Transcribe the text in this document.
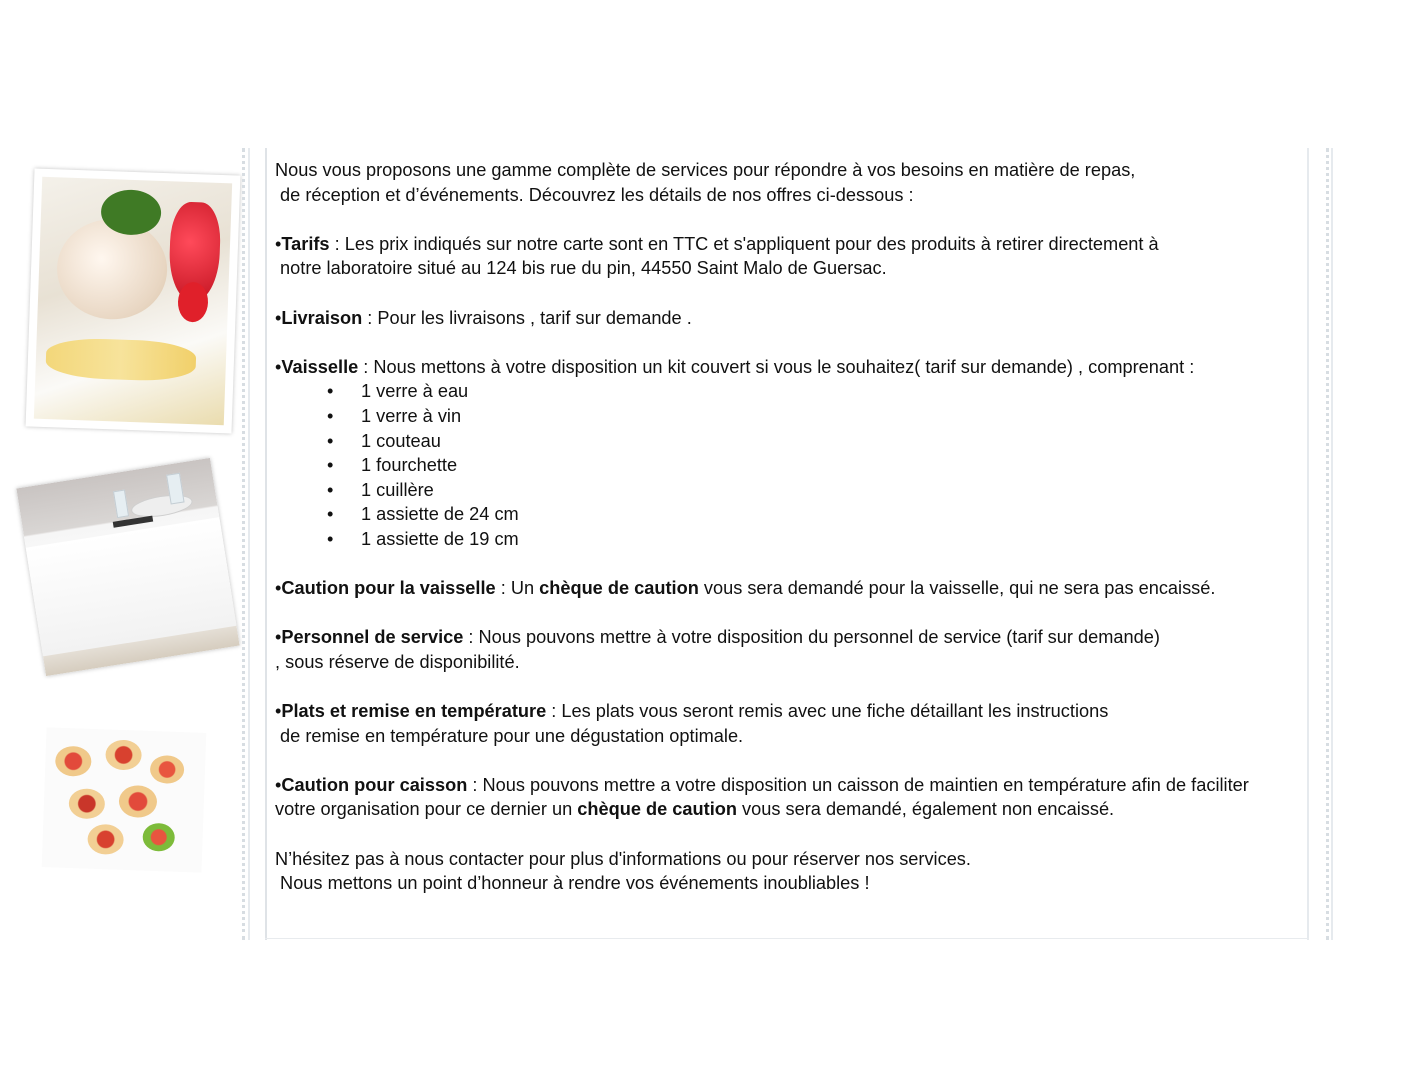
Nous vous proposons une gamme complète de services pour répondre à vos besoins en matière de repas,

de réception et d’événements. Découvrez les détails de nos offres ci-dessous :

•Tarifs : Les prix indiqués sur notre carte sont en TTC et s'appliquent pour des produits à retirer directement à

notre laboratoire situé au 124 bis rue du pin, 44550 Saint Malo de Guersac.

•Livraison : Pour les livraisons , tarif sur demande .

•Vaisselle : Nous mettons à votre disposition un kit couvert si vous le souhaitez( tarif sur demande) , comprenant :

• 1 verre à eau
• 1 verre à vin
• 1 couteau
• 1 fourchette
• 1 cuillère
• 1 assiette de 24 cm
• 1 assiette de 19 cm

•Caution pour la vaisselle : Un chèque de caution vous sera demandé pour la vaisselle, qui ne sera pas encaissé.

•Personnel de service : Nous pouvons mettre à votre disposition du personnel de service (tarif sur demande)

, sous réserve de disponibilité.

•Plats et remise en température : Les plats vous seront remis avec une fiche détaillant les instructions

de remise en température pour une dégustation optimale.

•Caution pour caisson : Nous pouvons mettre a votre disposition un caisson de maintien en température afin de faciliter

votre organisation pour ce dernier un chèque de caution vous sera demandé, également non encaissé.

N’hésitez pas à nous contacter pour plus d'informations ou pour réserver nos services.

Nous mettons un point d’honneur à rendre vos événements inoubliables !
